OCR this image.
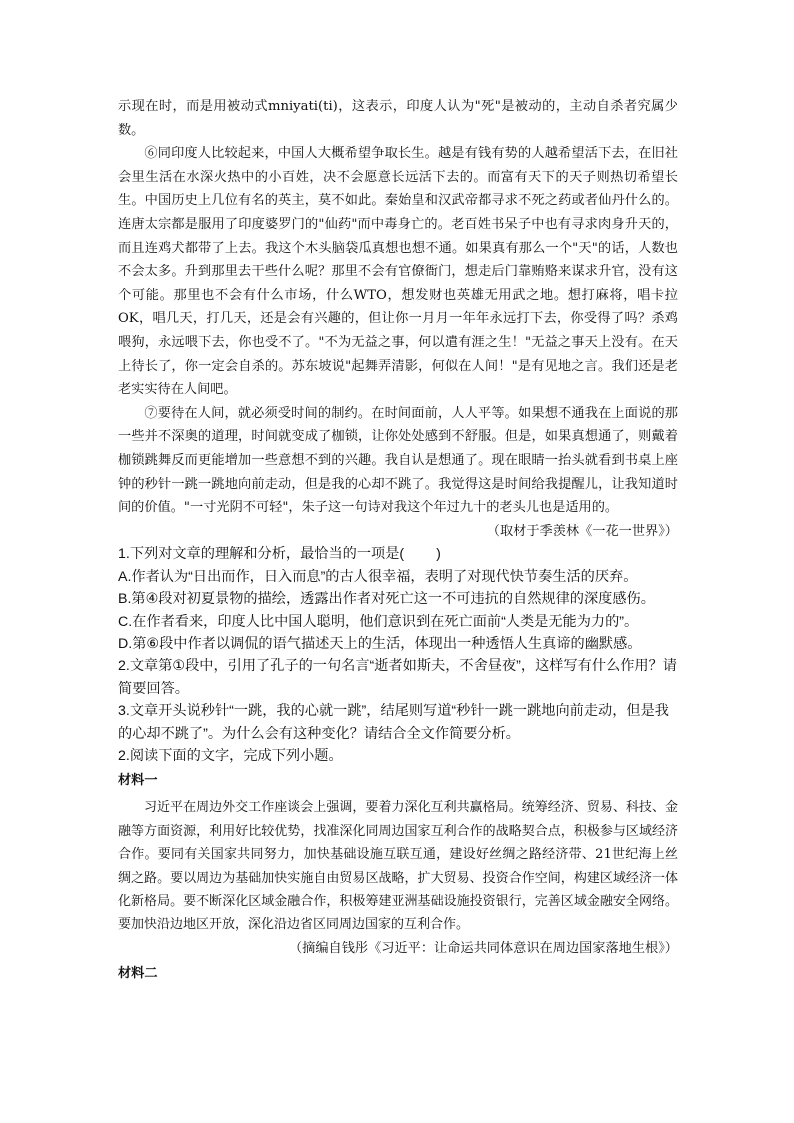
示现在时，而是用被动式mniyati(ti)，这表示，印度人认为"死"是被动的，主动自杀者究属少数。

⑥同印度人比较起来，中国人大概希望争取长生。越是有钱有势的人越希望活下去，在旧社会里生活在水深火热中的小百姓，决不会愿意长远活下去的。而富有天下的天子则热切希望长生。中国历史上几位有名的英主，莫不如此。秦始皇和汉武帝都寻求不死之药或者仙丹什么的。连唐太宗都是服用了印度婆罗门的"仙药"而中毒身亡的。老百姓书呆子中也有寻求肉身升天的，而且连鸡犬都带了上去。我这个木头脑袋瓜真想也想不通。如果真有那么一个"天"的话，人数也不会太多。升到那里去干些什么呢？那里不会有官僚衙门，想走后门靠贿赂来谋求升官，没有这个可能。那里也不会有什么市场，什么WTO，想发财也英雄无用武之地。想打麻将，唱卡拉OK，唱几天，打几天，还是会有兴趣的，但让你一月月一年年永远打下去，你受得了吗？杀鸡喂狗，永远喂下去，你也受不了。"不为无益之事，何以遣有涯之生！"无益之事天上没有。在天上待长了，你一定会自杀的。苏东坡说"起舞弄清影，何似在人间！"是有见地之言。我们还是老老实实待在人间吧。

⑦要待在人间，就必须受时间的制约。在时间面前，人人平等。如果想不通我在上面说的那一些并不深奥的道理，时间就变成了枷锁，让你处处感到不舒服。但是，如果真想通了，则戴着枷锁跳舞反而更能增加一些意想不到的兴趣。我自认是想通了。现在眼睛一抬头就看到书桌上座钟的秒针一跳一跳地向前走动，但是我的心却不跳了。我觉得这是时间给我提醒儿，让我知道时间的价值。"一寸光阴不可轻"，朱子这一句诗对我这个年过九十的老头儿也是适用的。

（取材于季羡林《一花一世界》）

1.下列对文章的理解和分析，最恰当的一项是( )

A.作者认为“日出而作，日入而息”的古人很幸福，表明了对现代快节奏生活的厌弃。

B.第④段对初夏景物的描绘，透露出作者对死亡这一不可违抗的自然规律的深度感伤。

C.在作者看来，印度人比中国人聪明，他们意识到在死亡面前“人类是无能为力的”。

D.第⑥段中作者以调侃的语气描述天上的生活，体现出一种透悟人生真谛的幽默感。

2.文章第①段中，引用了孔子的一句名言“逝者如斯夫，不舍昼夜”，这样写有什么作用？请简要回答。

3.文章开头说秒针“一跳，我的心就一跳”，结尾则写道“秒针一跳一跳地向前走动，但是我的心却不跳了”。为什么会有这种变化？请结合全文作简要分析。

2.阅读下面的文字，完成下列小题。

材料一

习近平在周边外交工作座谈会上强调，要着力深化互利共赢格局。统筹经济、贸易、科技、金融等方面资源，利用好比较优势，找准深化同周边国家互利合作的战略契合点，积极参与区域经济合作。要同有关国家共同努力，加快基础设施互联互通，建设好丝绸之路经济带、21世纪海上丝绸之路。要以周边为基础加快实施自由贸易区战略，扩大贸易、投资合作空间，构建区域经济一体化新格局。要不断深化区域金融合作，积极筹建亚洲基础设施投资银行，完善区域金融安全网络。要加快沿边地区开放，深化沿边省区同周边国家的互利合作。

（摘编自钱彤《习近平：让命运共同体意识在周边国家落地生根》）

材料二
